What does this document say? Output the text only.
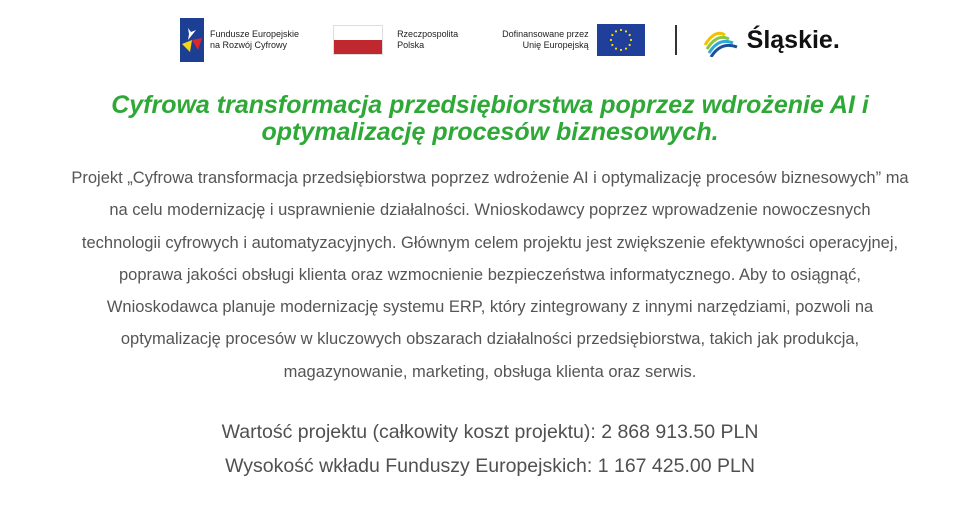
Fundusze Europejskie
na Rozwój Cyfrowy
Rzeczpospolita
Polska
Dofinansowane przez
Unię Europejską	Śląskie.
Cyfrowa transformacja przedsiębiorstwa poprzez wdrożenie AI i
optymalizację procesów biznesowych.
Projekt „Cyfrowa transformacja przedsiębiorstwa poprzez wdrożenie AI i optymalizację procesów biznesowych” ma
na celu modernizację i usprawnienie działalności. Wnioskodawcy poprzez wprowadzenie nowoczesnych
technologii cyfrowych i automatyzacyjnych. Głównym celem projektu jest zwiększenie efektywności operacyjnej,
poprawa jakości obsługi klienta oraz wzmocnienie bezpieczeństwa informatycznego. Aby to osiągnąć,
Wnioskodawca planuje modernizację systemu ERP, który zintegrowany z innymi narzędziami, pozwoli na
optymalizację procesów w kluczowych obszarach działalności przedsiębiorstwa, takich jak produkcja,
magazynowanie, marketing, obsługa klienta oraz serwis.
Wartość projektu (całkowity koszt projektu): 2 868 913.50 PLN
Wysokość wkładu Funduszy Europejskich: 1 167 425.00 PLN
